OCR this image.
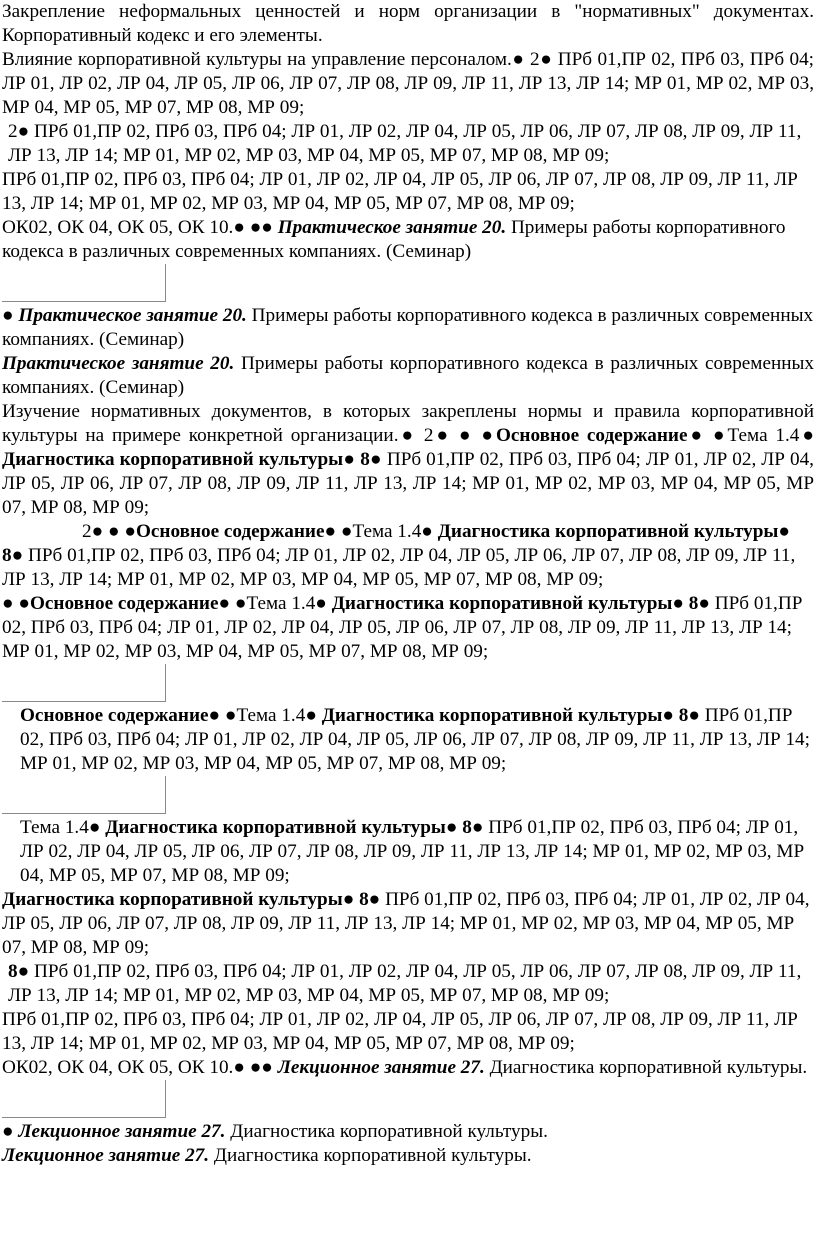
Закрепление неформальных ценностей и норм организации в "нормативных" документах. Корпоративный кодекс и его элементы.

Влияние корпоративной культуры на управление персоналом.● 2● ПРб 01,ПР 02, ПРб 03, ПРб 04; ЛР 01, ЛР 02, ЛР 04, ЛР 05, ЛР 06, ЛР 07, ЛР 08, ЛР 09, ЛР 11, ЛР 13, ЛР 14; МР 01, МР 02, МР 03, МР 04, МР 05, МР 07, МР 08, МР 09;

2● ПРб 01,ПР 02, ПРб 03, ПРб 04; ЛР 01, ЛР 02, ЛР 04, ЛР 05, ЛР 06, ЛР 07, ЛР 08, ЛР 09, ЛР 11, ЛР 13, ЛР 14; МР 01, МР 02, МР 03, МР 04, МР 05, МР 07, МР 08, МР 09;

ПРб 01,ПР 02, ПРб 03, ПРб 04; ЛР 01, ЛР 02, ЛР 04, ЛР 05, ЛР 06, ЛР 07, ЛР 08, ЛР 09, ЛР 11, ЛР 13, ЛР 14; МР 01, МР 02, МР 03, МР 04, МР 05, МР 07, МР 08, МР 09;

ОК02, ОК 04, ОК 05, ОК 10.● ●● Практическое занятие 20. Примеры работы корпоративного кодекса в различных современных компаниях. (Семинар)

● Практическое занятие 20. Примеры работы корпоративного кодекса в различных современных компаниях. (Семинар)

Практическое занятие 20. Примеры работы корпоративного кодекса в различных современных компаниях. (Семинар)

Изучение нормативных документов, в которых закреплены нормы и правила корпоративной культуры на примере конкретной организации.● 2● ● ●Основное содержание● ●Тема 1.4● Диагностика корпоративной культуры● 8● ПРб 01,ПР 02, ПРб 03, ПРб 04; ЛР 01, ЛР 02, ЛР 04, ЛР 05, ЛР 06, ЛР 07, ЛР 08, ЛР 09, ЛР 11, ЛР 13, ЛР 14; МР 01, МР 02, МР 03, МР 04, МР 05, МР 07, МР 08, МР 09;

2● ● ●Основное содержание● ●Тема 1.4● Диагностика корпоративной культуры● 8● ПРб 01,ПР 02, ПРб 03, ПРб 04; ЛР 01, ЛР 02, ЛР 04, ЛР 05, ЛР 06, ЛР 07, ЛР 08, ЛР 09, ЛР 11, ЛР 13, ЛР 14; МР 01, МР 02, МР 03, МР 04, МР 05, МР 07, МР 08, МР 09;

● ●Основное содержание● ●Тема 1.4● Диагностика корпоративной культуры● 8● ПРб 01,ПР 02, ПРб 03, ПРб 04; ЛР 01, ЛР 02, ЛР 04, ЛР 05, ЛР 06, ЛР 07, ЛР 08, ЛР 09, ЛР 11, ЛР 13, ЛР 14; МР 01, МР 02, МР 03, МР 04, МР 05, МР 07, МР 08, МР 09;

Основное содержание● ●Тема 1.4● Диагностика корпоративной культуры● 8● ПРб 01,ПР 02, ПРб 03, ПРб 04; ЛР 01, ЛР 02, ЛР 04, ЛР 05, ЛР 06, ЛР 07, ЛР 08, ЛР 09, ЛР 11, ЛР 13, ЛР 14; МР 01, МР 02, МР 03, МР 04, МР 05, МР 07, МР 08, МР 09;

Тема 1.4● Диагностика корпоративной культуры● 8● ПРб 01,ПР 02, ПРб 03, ПРб 04; ЛР 01, ЛР 02, ЛР 04, ЛР 05, ЛР 06, ЛР 07, ЛР 08, ЛР 09, ЛР 11, ЛР 13, ЛР 14; МР 01, МР 02, МР 03, МР 04, МР 05, МР 07, МР 08, МР 09;

Диагностика корпоративной культуры● 8● ПРб 01,ПР 02, ПРб 03, ПРб 04; ЛР 01, ЛР 02, ЛР 04, ЛР 05, ЛР 06, ЛР 07, ЛР 08, ЛР 09, ЛР 11, ЛР 13, ЛР 14; МР 01, МР 02, МР 03, МР 04, МР 05, МР 07, МР 08, МР 09;

8● ПРб 01,ПР 02, ПРб 03, ПРб 04; ЛР 01, ЛР 02, ЛР 04, ЛР 05, ЛР 06, ЛР 07, ЛР 08, ЛР 09, ЛР 11, ЛР 13, ЛР 14; МР 01, МР 02, МР 03, МР 04, МР 05, МР 07, МР 08, МР 09;

ПРб 01,ПР 02, ПРб 03, ПРб 04; ЛР 01, ЛР 02, ЛР 04, ЛР 05, ЛР 06, ЛР 07, ЛР 08, ЛР 09, ЛР 11, ЛР 13, ЛР 14; МР 01, МР 02, МР 03, МР 04, МР 05, МР 07, МР 08, МР 09;

ОК02, ОК 04, ОК 05, ОК 10.● ●● Лекционное занятие 27. Диагностика корпоративной культуры.

● Лекционное занятие 27. Диагностика корпоративной культуры.

Лекционное занятие 27. Диагностика корпоративной культуры.
